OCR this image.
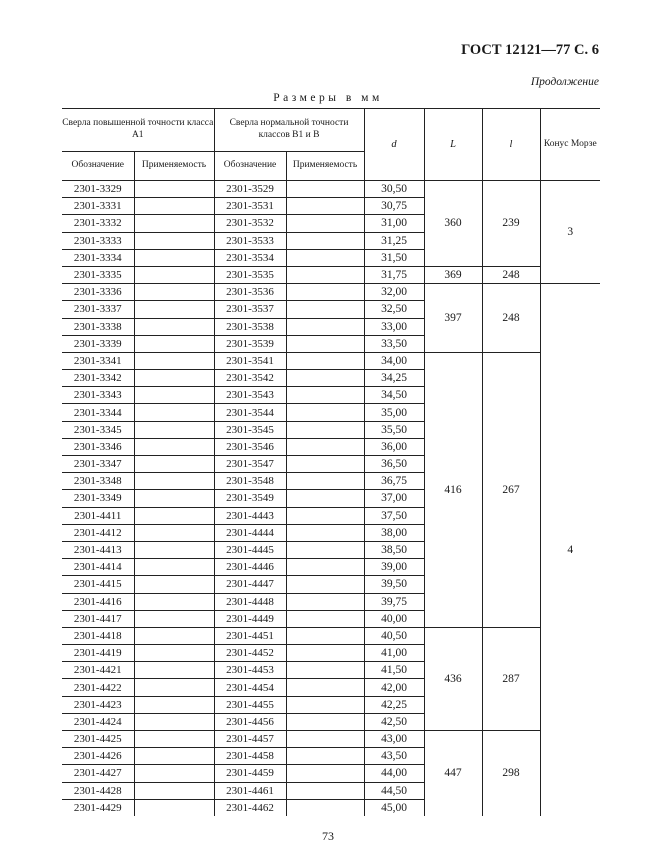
ГОСТ 12121—77 С. 6
Продолжение
Размеры в мм
Сверла повышенной точности класса А1		Сверла нормальной точности классов В1 и В		d	L	l	Конус Морзе
Обозначение	Применяемость	Обозначение	Применяемость				
2301-3329		2301-3529		30,50	360	239	3
2301-3331		2301-3531		30,75			
2301-3332		2301-3532		31,00			
2301-3333		2301-3533		31,25			
2301-3334		2301-3534		31,50			
2301-3335		2301-3535		31,75	369	248	
2301-3336		2301-3536		32,00	397	248	4
2301-3337		2301-3537		32,50			
2301-3338		2301-3538		33,00			
2301-3339		2301-3539		33,50			
2301-3341		2301-3541		34,00	416	267	
2301-3342		2301-3542		34,25			
2301-3343		2301-3543		34,50			
2301-3344		2301-3544		35,00			
2301-3345		2301-3545		35,50			
2301-3346		2301-3546		36,00			
2301-3347		2301-3547		36,50			
2301-3348		2301-3548		36,75			
2301-3349		2301-3549		37,00			
2301-4411		2301-4443		37,50			
2301-4412		2301-4444		38,00			
2301-4413		2301-4445		38,50			
2301-4414		2301-4446		39,00			
2301-4415		2301-4447		39,50			
2301-4416		2301-4448		39,75			
2301-4417		2301-4449		40,00			
2301-4418		2301-4451		40,50	436	287	
2301-4419		2301-4452		41,00			
2301-4421		2301-4453		41,50			
2301-4422		2301-4454		42,00			
2301-4423		2301-4455		42,25			
2301-4424		2301-4456		42,50			
2301-4425		2301-4457		43,00	447	298	
2301-4426		2301-4458		43,50			
2301-4427		2301-4459		44,00			
2301-4428		2301-4461		44,50			
2301-4429		2301-4462		45,00			
73
